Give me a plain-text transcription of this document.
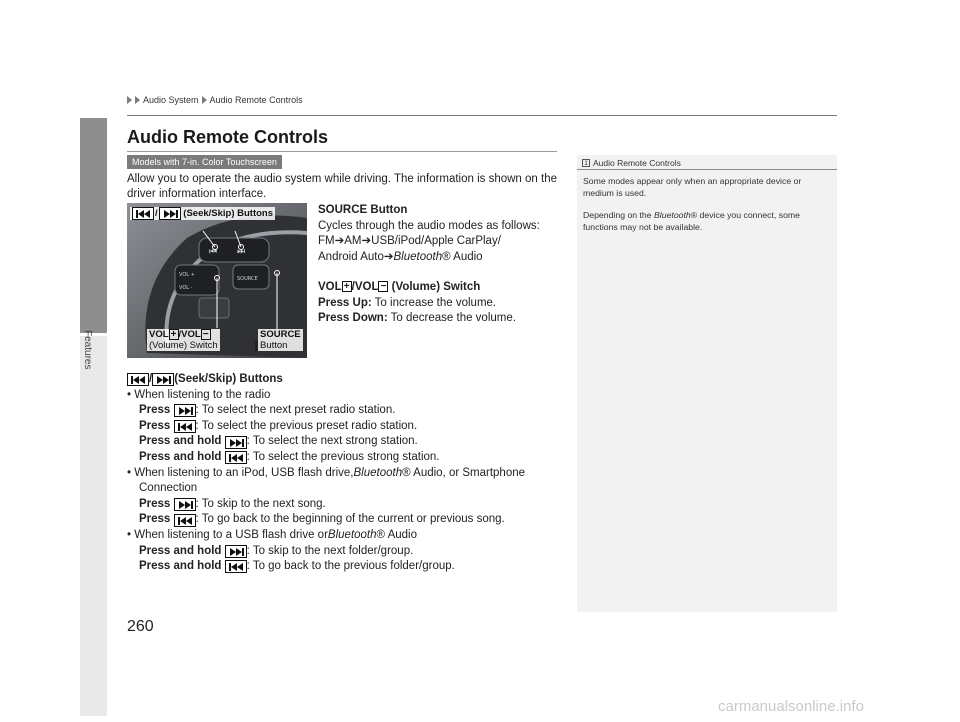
Features
Audio System Audio Remote Controls
Audio Remote Controls
Models with 7-in. Color Touchscreen
Allow you to operate the audio system while driving. The information is shown on the driver information interface.
⏮ ⏭
VOL +
VOL -
SOURCE
/	(Seek/Skip) Buttons
VOL + /VOL −
(Volume) Switch
SOURCE
Button
SOURCE Button
Cycles through the audio modes as follows:
FM➔AM➔USB/iPod/Apple CarPlay/
Android Auto➔Bluetooth® Audio
VOL + /VOL − (Volume) Switch
Press Up: To increase the volume.
Press Down: To decrease the volume.
/ (Seek/Skip) Buttons
• When listening to the radio
Press
: To select the next preset radio station.
Press
: To select the previous preset radio station.
Press and hold
: To select the next strong station.
Press and hold
: To select the previous strong station.
• When listening to an iPod, USB flash drive, Bluetooth ® Audio, or Smartphone
Connection
Press
: To skip to the next song.
Press
: To go back to the beginning of the current or previous song.
• When listening to a USB flash drive or Bluetooth ® Audio
Press and hold
: To skip to the next folder/group.
Press and hold
: To go back to the previous folder/group.
1 Audio Remote Controls

Some modes appear only when an appropriate device or medium is used.

Depending on the Bluetooth® device you connect, some functions may not be available.

260
carmanualsonline.info
